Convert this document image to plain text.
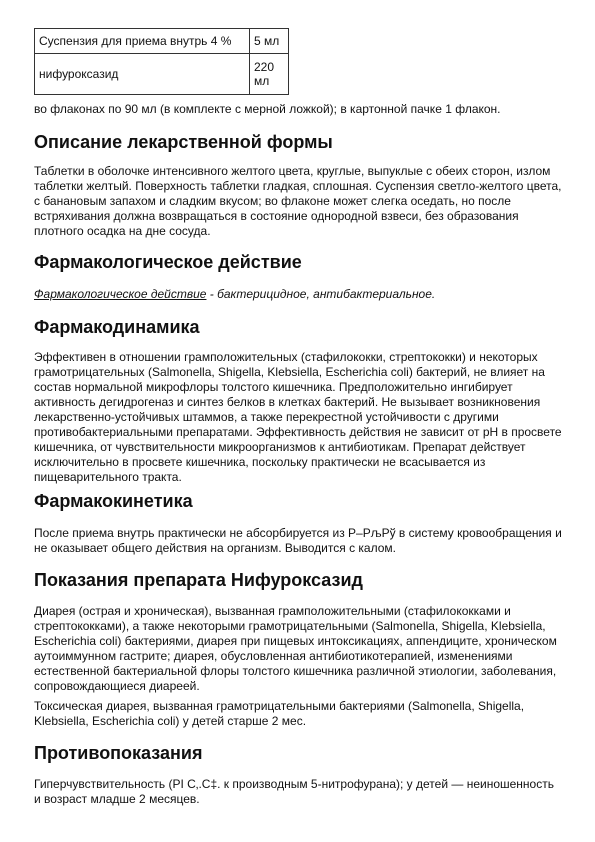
Суспензия для приема внутрь 4 %	5 мл
нифуроксазид	220 мл

во флаконах по 90 мл (в комплекте с мерной ложкой); в картонной пачке 1 флакон.

Описание лекарственной формы

Таблетки в оболочке интенсивного желтого цвета, круглые, выпуклые с обеих сторон, излом таблетки желтый. Поверхность таблетки гладкая, сплошная. Суспензия светло-желтого цвета, с банановым запахом и сладким вкусом; во флаконе может слегка оседать, но после встряхивания должна возвращаться в состояние однородной взвеси, без образования плотного осадка на дне сосуда.

Фармакологическое действие

Фармакологическое действие - бактерицидное, антибактериальное.

Фармакодинамика

Эффективен в отношении грамположительных (стафилококки, стрептококки) и некоторых грамотрицательных (Salmonella, Shigella, Klebsiella, Escherichia coli) бактерий, не влияет на состав нормальной микрофлоры толстого кишечника. Предположительно ингибирует активность дегидрогеназ и синтез белков в клетках бактерий. Не вызывает возникновения лекарственно-устойчивых штаммов, а также перекрестной устойчивости с другими противобактериальными препаратами. Эффективность действия не зависит от pH в просвете кишечника, от чувствительности микроорганизмов к антибиотикам. Препарат действует исключительно в просвете кишечника, поскольку практически не всасывается из пищеварительного тракта.

Фармакокинетика

После приема внутрь практически не абсорбируется из Р–РљРў в систему кровообращения и не оказывает общего действия на организм. Выводится с калом.

Показания препарата Нифуроксазид

Диарея (острая и хроническая), вызванная грамположительными (стафилококками и стрептококками), а также некоторыми грамотрицательными (Salmonella, Shigella, Klebsiella, Escherichia coli) бактериями, диарея при пищевых интоксикациях, аппендиците, хроническом аутоиммунном гастрите; диарея, обусловленная антибиотикотерапией, изменениями естественной бактериальной флоры толстого кишечника различной этиологии, заболевания, сопровождающиеся диареей.

Токсическая диарея, вызванная грамотрицательными бактериями (Salmonella, Shigella, Klebsiella, Escherichia coli) у детей старше 2 мес.

Противопоказания

Гиперчувствительность (РІ С‚.С‡. к производным 5-нитрофурана); у детей — неиношенность и возраст младше 2 месяцев.
